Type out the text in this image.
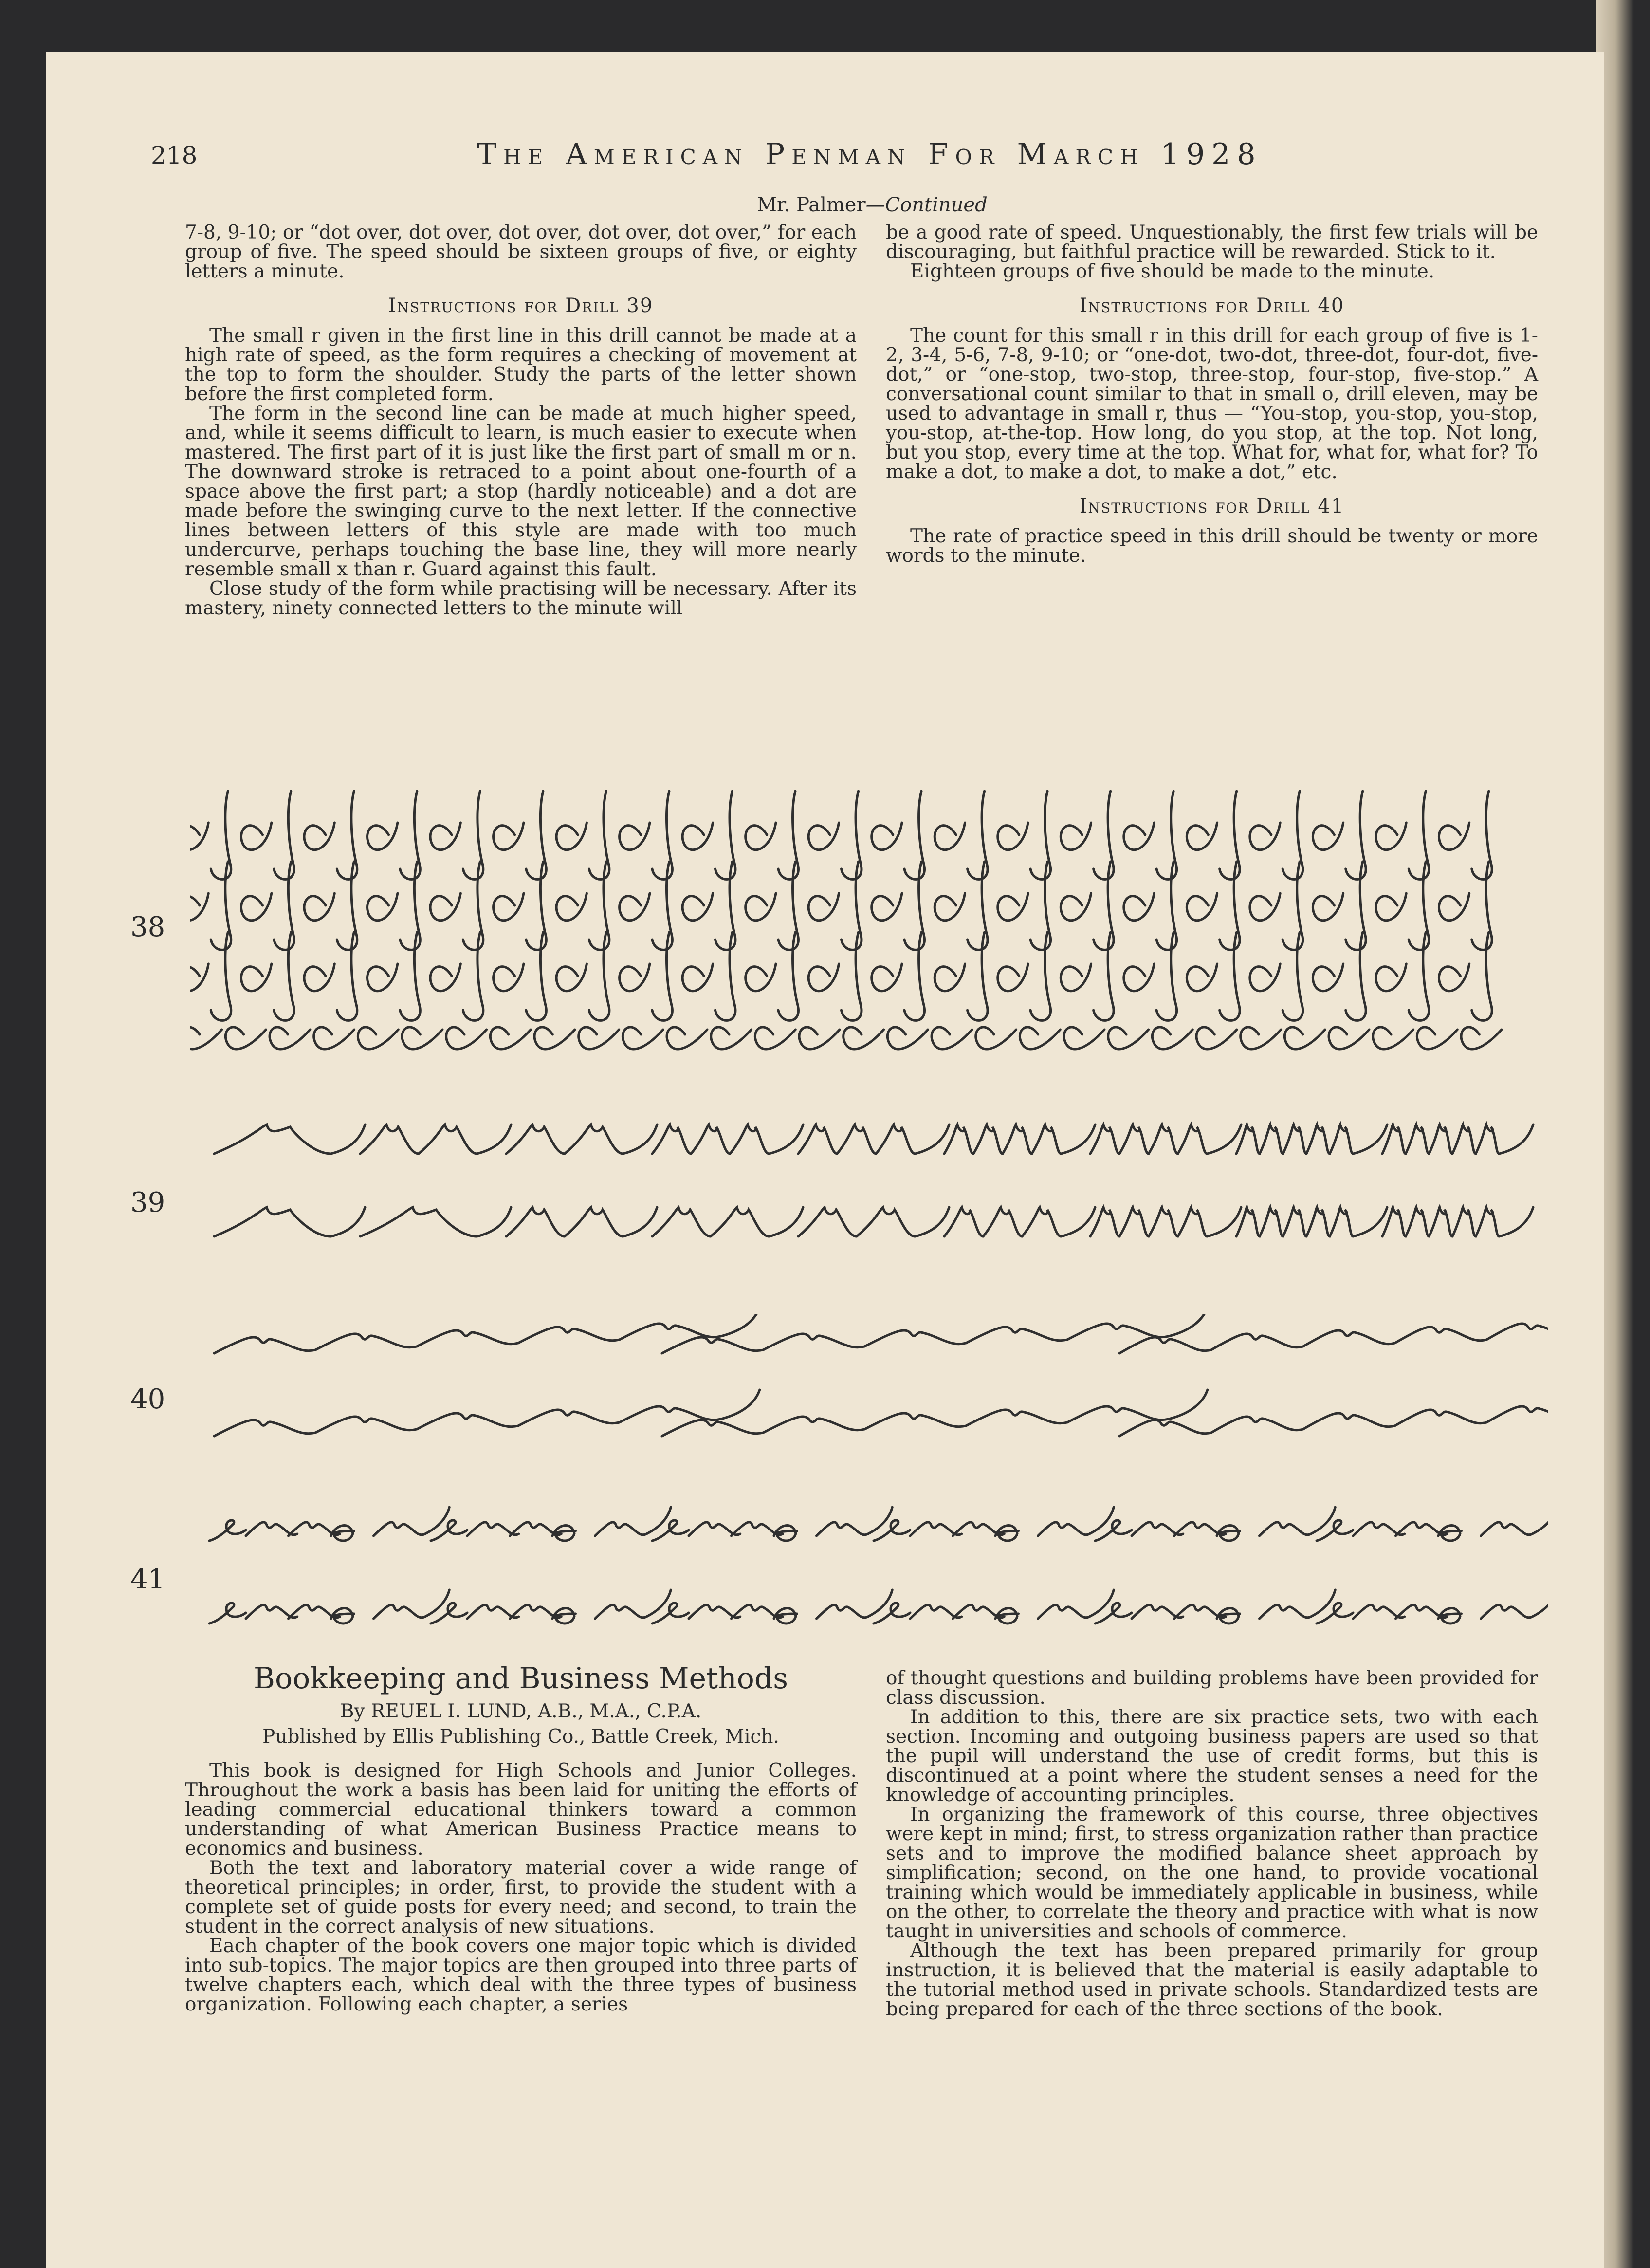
218	The American Penman For March 1928
Mr. Palmer—Continued

7-8, 9-10; or “dot over, dot over, dot over, dot over, dot over,” for each group of five. The speed should be sixteen groups of five, or eighty letters a minute.

Instructions for Drill 39

The small r given in the first line in this drill cannot be made at a high rate of speed, as the form requires a checking of movement at the top to form the shoulder. Study the parts of the letter shown before the first completed form.

The form in the second line can be made at much higher speed, and, while it seems difficult to learn, is much easier to execute when mastered. The first part of it is just like the first part of small m or n. The downward stroke is retraced to a point about one-fourth of a space above the first part; a stop (hardly noticeable) and a dot are made before the swinging curve to the next letter. If the connective lines between letters of this style are made with too much undercurve, perhaps touching the base line, they will more nearly resemble small x than r. Guard against this fault.

Close study of the form while practising will be necessary. After its mastery, ninety connected letters to the minute will

be a good rate of speed. Unquestionably, the first few trials will be discouraging, but faithful practice will be rewarded. Stick to it.

Eighteen groups of five should be made to the minute.

Instructions for Drill 40

The count for this small r in this drill for each group of five is 1-2, 3-4, 5-6, 7-8, 9-10; or “one-dot, two-dot, three-dot, four-dot, five-dot,” or “one-stop, two-stop, three-stop, four-stop, five-stop.” A conversational count similar to that in small o, drill eleven, may be used to advantage in small r, thus — “You-stop, you-stop, you-stop, you-stop, at-the-top. How long, do you stop, at the top. Not long, but you stop, every time at the top. What for, what for, what for? To make a dot, to make a dot, to make a dot,” etc.

Instructions for Drill 41

The rate of practice speed in this drill should be twenty or more words to the minute.

38
39
40
41
Bookkeeping and Business Methods
By REUEL I. LUND, A.B., M.A., C.P.A.
Published by Ellis Publishing Co., Battle Creek, Mich.

This book is designed for High Schools and Junior Colleges. Throughout the work a basis has been laid for uniting the efforts of leading commercial educational thinkers toward a common understanding of what American Business Practice means to economics and business.

Both the text and laboratory material cover a wide range of theoretical principles; in order, first, to provide the student with a complete set of guide posts for every need; and second, to train the student in the correct analysis of new situations.

Each chapter of the book covers one major topic which is divided into sub-topics. The major topics are then grouped into three parts of twelve chapters each, which deal with the three types of business organization. Following each chapter, a series

of thought questions and building problems have been provided for class discussion.

In addition to this, there are six practice sets, two with each section. Incoming and outgoing business papers are used so that the pupil will understand the use of credit forms, but this is discontinued at a point where the student senses a need for the knowledge of accounting principles.

In organizing the framework of this course, three objectives were kept in mind; first, to stress organization rather than practice sets and to improve the modified balance sheet approach by simplification; second, on the one hand, to provide vocational training which would be immediately applicable in business, while on the other, to correlate the theory and practice with what is now taught in universities and schools of commerce.

Although the text has been prepared primarily for group instruction, it is believed that the material is easily adaptable to the tutorial method used in private schools. Standardized tests are being prepared for each of the three sections of the book.
